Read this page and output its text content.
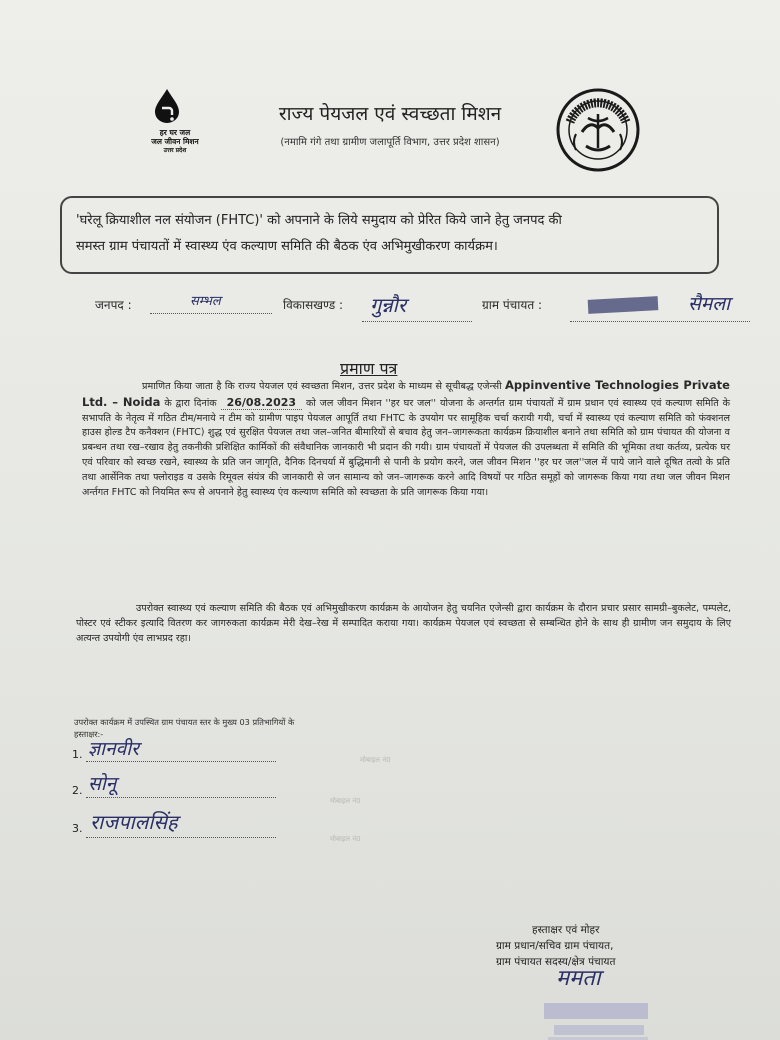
हर घर जल
जल जीवन मिशन
उत्तर प्रदेश
राज्य पेयजल एवं स्वच्छता मिशन
(नमामि गंगे तथा ग्रामीण जलापूर्ति विभाग, उत्तर प्रदेश शासन)

'घरेलू क्रियाशील नल संयोजन (FHTC)' को अपनाने के लिये समुदाय को प्रेरित किये जाने हेतु जनपद की

समस्त ग्राम पंचायतों में स्वास्थ्य एंव कल्याण समिति की बैठक एंव अभिमुखीकरण कार्यक्रम।

जनपद :	सम्भल	विकासखण्ड : गुन्नौर	ग्राम पंचायत :	सैमला
प्रमाण पत्र
प्रमाणित किया जाता है कि राज्य पेयजल एवं स्वच्छता मिशन, उत्तर प्रदेश के माध्यम से सूचीबद्ध एजेन्सी Appinventive Technologies Private Ltd. – Noida के द्वारा दिनांक 26/08.2023 को जल जीवन मिशन ''हर घर जल'' योजना के अन्तर्गत ग्राम पंचायतों में ग्राम प्रधान एवं स्वास्थ्य एवं कल्याण समिति के सभापति के नेतृत्व में गठित टीम/मनाये न टीम को ग्रामीण पाइप पेयजल आपूर्ति तथा FHTC के उपयोग पर सामूहिक चर्चा करायी गयी, चर्चा में स्वास्थ्य एवं कल्याण समिति को फंक्शनल हाउस होल्ड टैप कनैक्शन (FHTC) शुद्ध एवं सुरक्षित पेयजल तथा जल–जनित बीमारियों से बचाव हेतु जन–जागरूकता कार्यक्रम क्रियाशील बनाने तथा समिति को ग्राम पंचायत की योजना व प्रबन्धन तथा रख–रखाव हेतु तकनीकी प्रशिक्षित कार्मिकों की संवैधानिक जानकारी भी प्रदान की गयी। ग्राम पंचायतों में पेयजल की उपलब्धता में समिति की भूमिका तथा कर्तव्य, प्रत्येक घर एवं परिवार को स्वच्छ रखने, स्वास्थ्य के प्रति जन जागृति, दैनिक दिनचर्या में बुद्धिमानी से पानी के प्रयोग करने, जल जीवन मिशन ''हर घर जल''जल में पाये जाने वाले दूषित तत्वो के प्रति तथा आर्सेनिक तथा फ्लोराइड व उसके रिमूवल संयंत्र की जानकारी से जन सामान्य को जन–जागरूक करने आदि विषयों पर गठित समूहों को जागरूक किया गया तथा जल जीवन मिशन अर्न्तगत FHTC को नियमित रूप से अपनाने हेतु स्वास्थ्य एंव कल्याण समिति को स्वच्छता के प्रति जागरूक किया गया।
उपरोक्त स्वास्थ्य एवं कल्याण समिति की बैठक एवं अभिमुखीकरण कार्यक्रम के आयोजन हेतु चयनित एजेन्सी द्वारा कार्यक्रम के दौरान प्रचार प्रसार सामग्री–बुकलेट, पम्पलेट, पोस्टर एवं स्टीकर इत्यादि वितरण कर जागरुकता कार्यक्रम मेरी देख–रेख में सम्पादित कराया गया। कार्यक्रम पेयजल एवं स्वच्छता से सम्बन्धित होने के साथ ही ग्रामीण जन समुदाय के लिए अत्यन्त उपयोगी एंव लाभप्रद रहा।
उपरोक्त कार्यक्रम में उपस्थित ग्राम पंचायत स्तर के मुख्य 03 प्रतिभागियों के
हस्ताक्षर:-
1. ज्ञानवीर	मोबाइल नं0
2. सोनू
मोबाइल नं0
3. राजपालसिंह
मोबाइल नं0
हस्ताक्षर एवं मोहर
ग्राम प्रधान/सचिव ग्राम पंचायत,
ग्राम पंचायत सदस्य/क्षेत्र पंचायत
ममता
